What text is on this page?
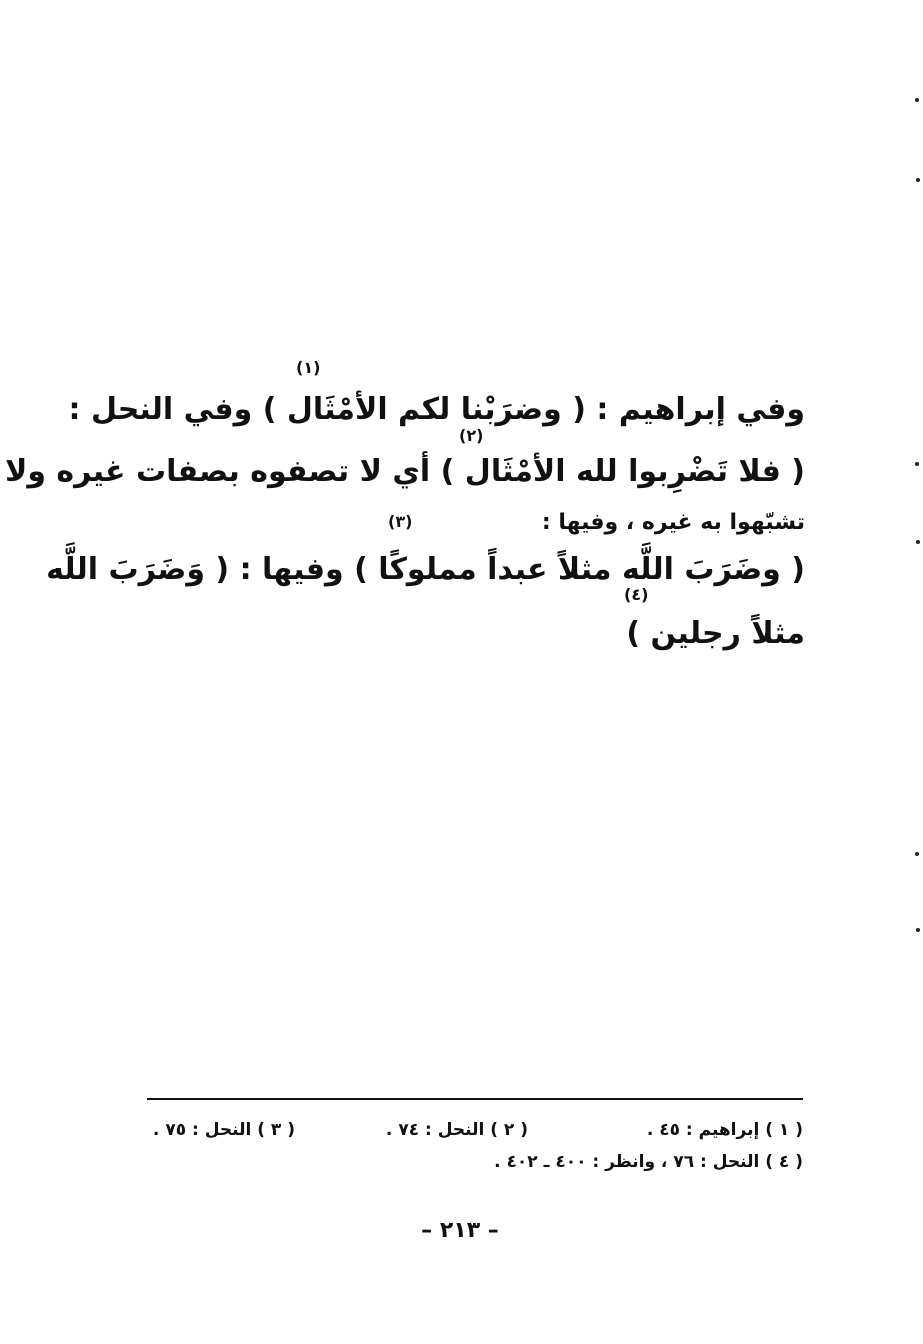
(١)
(٢)
(٣)
(٤)
وفي إبراهيم : ( وضرَبْنا لكم الأمْثَال ) وفي النحل :
( فلا تَضْرِبوا لله الأمْثَال ) أي لا تصفوه بصفات غيره ولا
تشبّهوا به غيره ، وفيها :
( وضَرَبَ اللَّه مثلاً عبداً مملوكًا ) وفيها : ( وَضَرَبَ اللَّه
مثلاً رجلين )
( ١ ) إبراهيم : ٤٥ .
( ٢ ) النحل : ٧٤ .
( ٣ ) النحل : ٧٥ .
( ٤ ) النحل : ٧٦ ، وانظر : ٤٠٠ ـ ٤٠٢ .
– ٢١٣ –
